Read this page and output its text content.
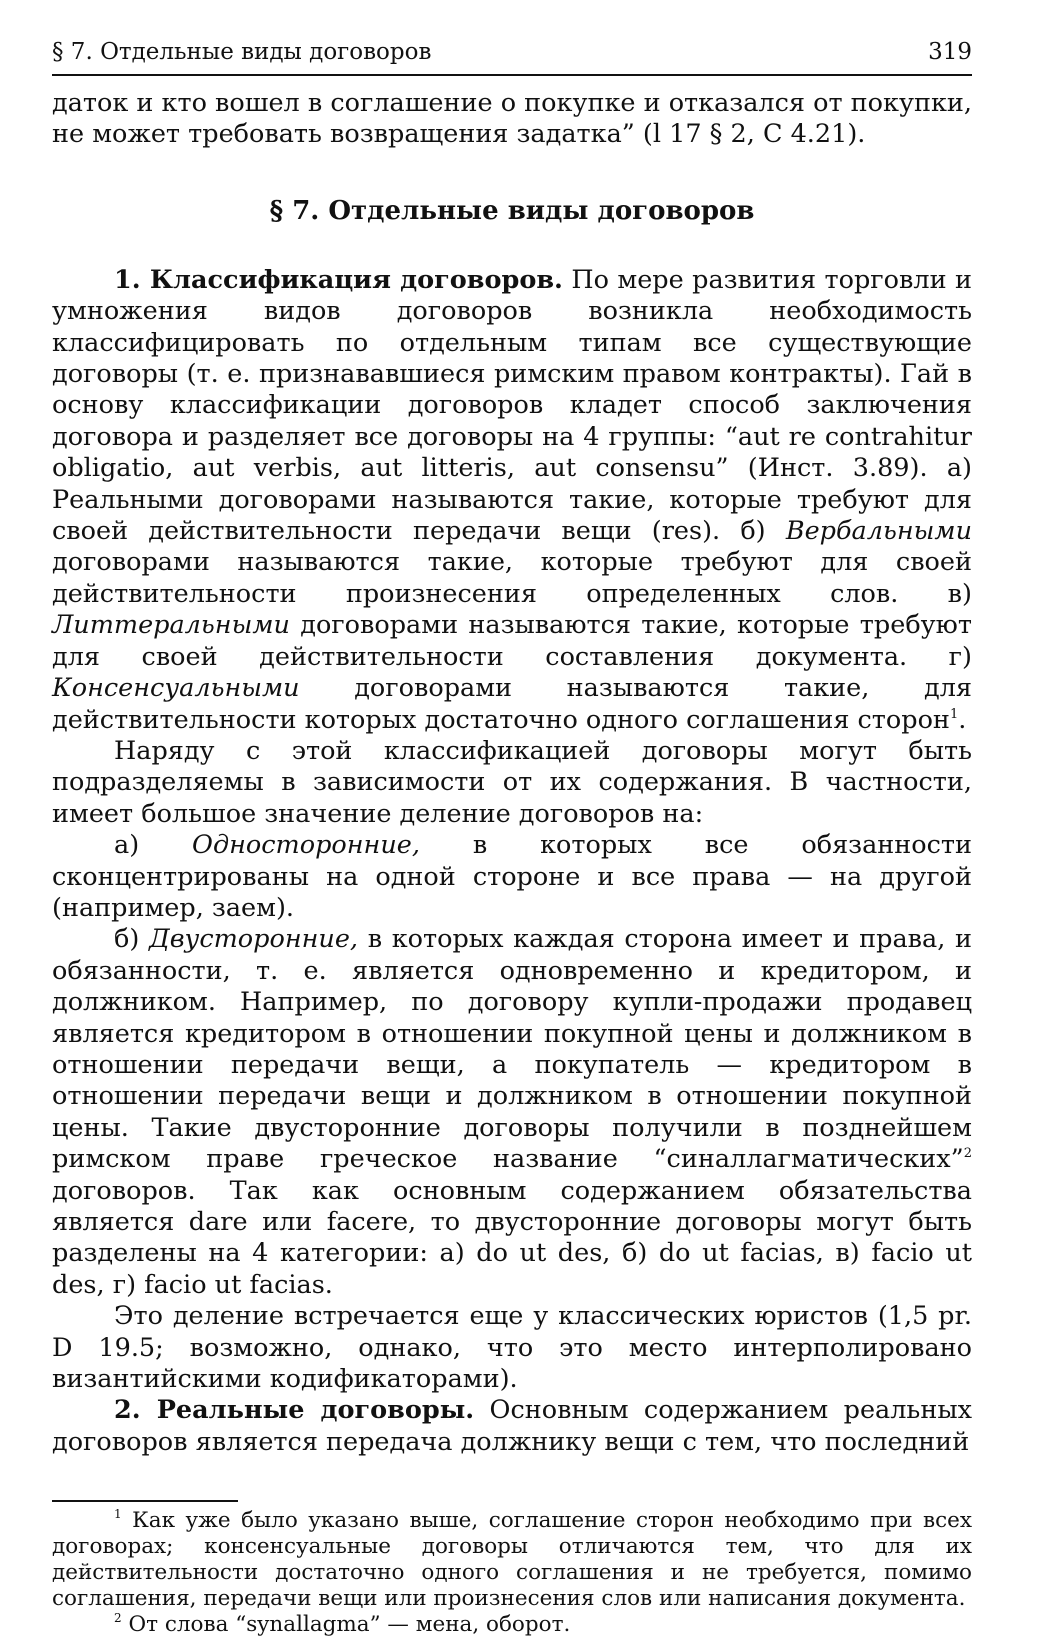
§ 7. Отдельные виды договоров	319

даток и кто вошел в соглашение о покупке и отказался от покупки, не может требовать возвращения задатка” (l 17 § 2, C 4.21).

§ 7. Отдельные виды договоров

1. Классификация договоров. По мере развития торговли и умножения видов договоров возникла необходимость классифицировать по отдельным типам все существующие договоры (т. е. признававшиеся римским правом контракты). Гай в основу классификации договоров кладет способ заключения договора и разделяет все договоры на 4 группы: “aut re contrahitur obligatio, aut verbis, aut litteris, aut consensu” (Инст. 3.89). а) Реальными договорами называются такие, которые требуют для своей действительности передачи вещи (res). б) Вербальными договорами называются такие, которые требуют для своей действительности произнесения определенных слов. в) Литтеральными договорами называются такие, которые требуют для своей действительности составления документа. г) Консенсуальными договорами называются такие, для действительности которых достаточно одного соглашения сторон$^1$.

Наряду с этой классификацией договоры могут быть подразделяемы в зависимости от их содержания. В частности, имеет большое значение деление договоров на:

а) Односторонние, в которых все обязанности сконцентрированы на одной стороне и все права — на другой (например, заем).

б) Двусторонние, в которых каждая сторона имеет и права, и обязанности, т. е. является одновременно и кредитором, и должником. Например, по договору купли-продажи продавец является кредитором в отношении покупной цены и должником в отношении передачи вещи, а покупатель — кредитором в отношении передачи вещи и должником в отношении покупной цены. Такие двусторонние договоры получили в позднейшем римском праве греческое название “синаллагматических”$^2$ договоров. Так как основным содержанием обязательства является dare или facere, то двусторонние договоры могут быть разделены на 4 категории: а) do ut des, б) do ut facias, в) facio ut des, г) facio ut facias.

Это деление встречается еще у классических юристов (1,5 pr. D 19.5; возможно, однако, что это место интерполировано византийскими кодификаторами).

2. Реальные договоры. Основным содержанием реальных договоров является передача должнику вещи с тем, что последний

$^1$ Как уже было указано выше, соглашение сторон необходимо при всех договорах; консенсуальные договоры отличаются тем, что для их действительности достаточно одного соглашения и не требуется, помимо соглашения, передачи вещи или произнесения слов или написания документа.

$^2$ От слова “synallagma” — мена, оборот.
